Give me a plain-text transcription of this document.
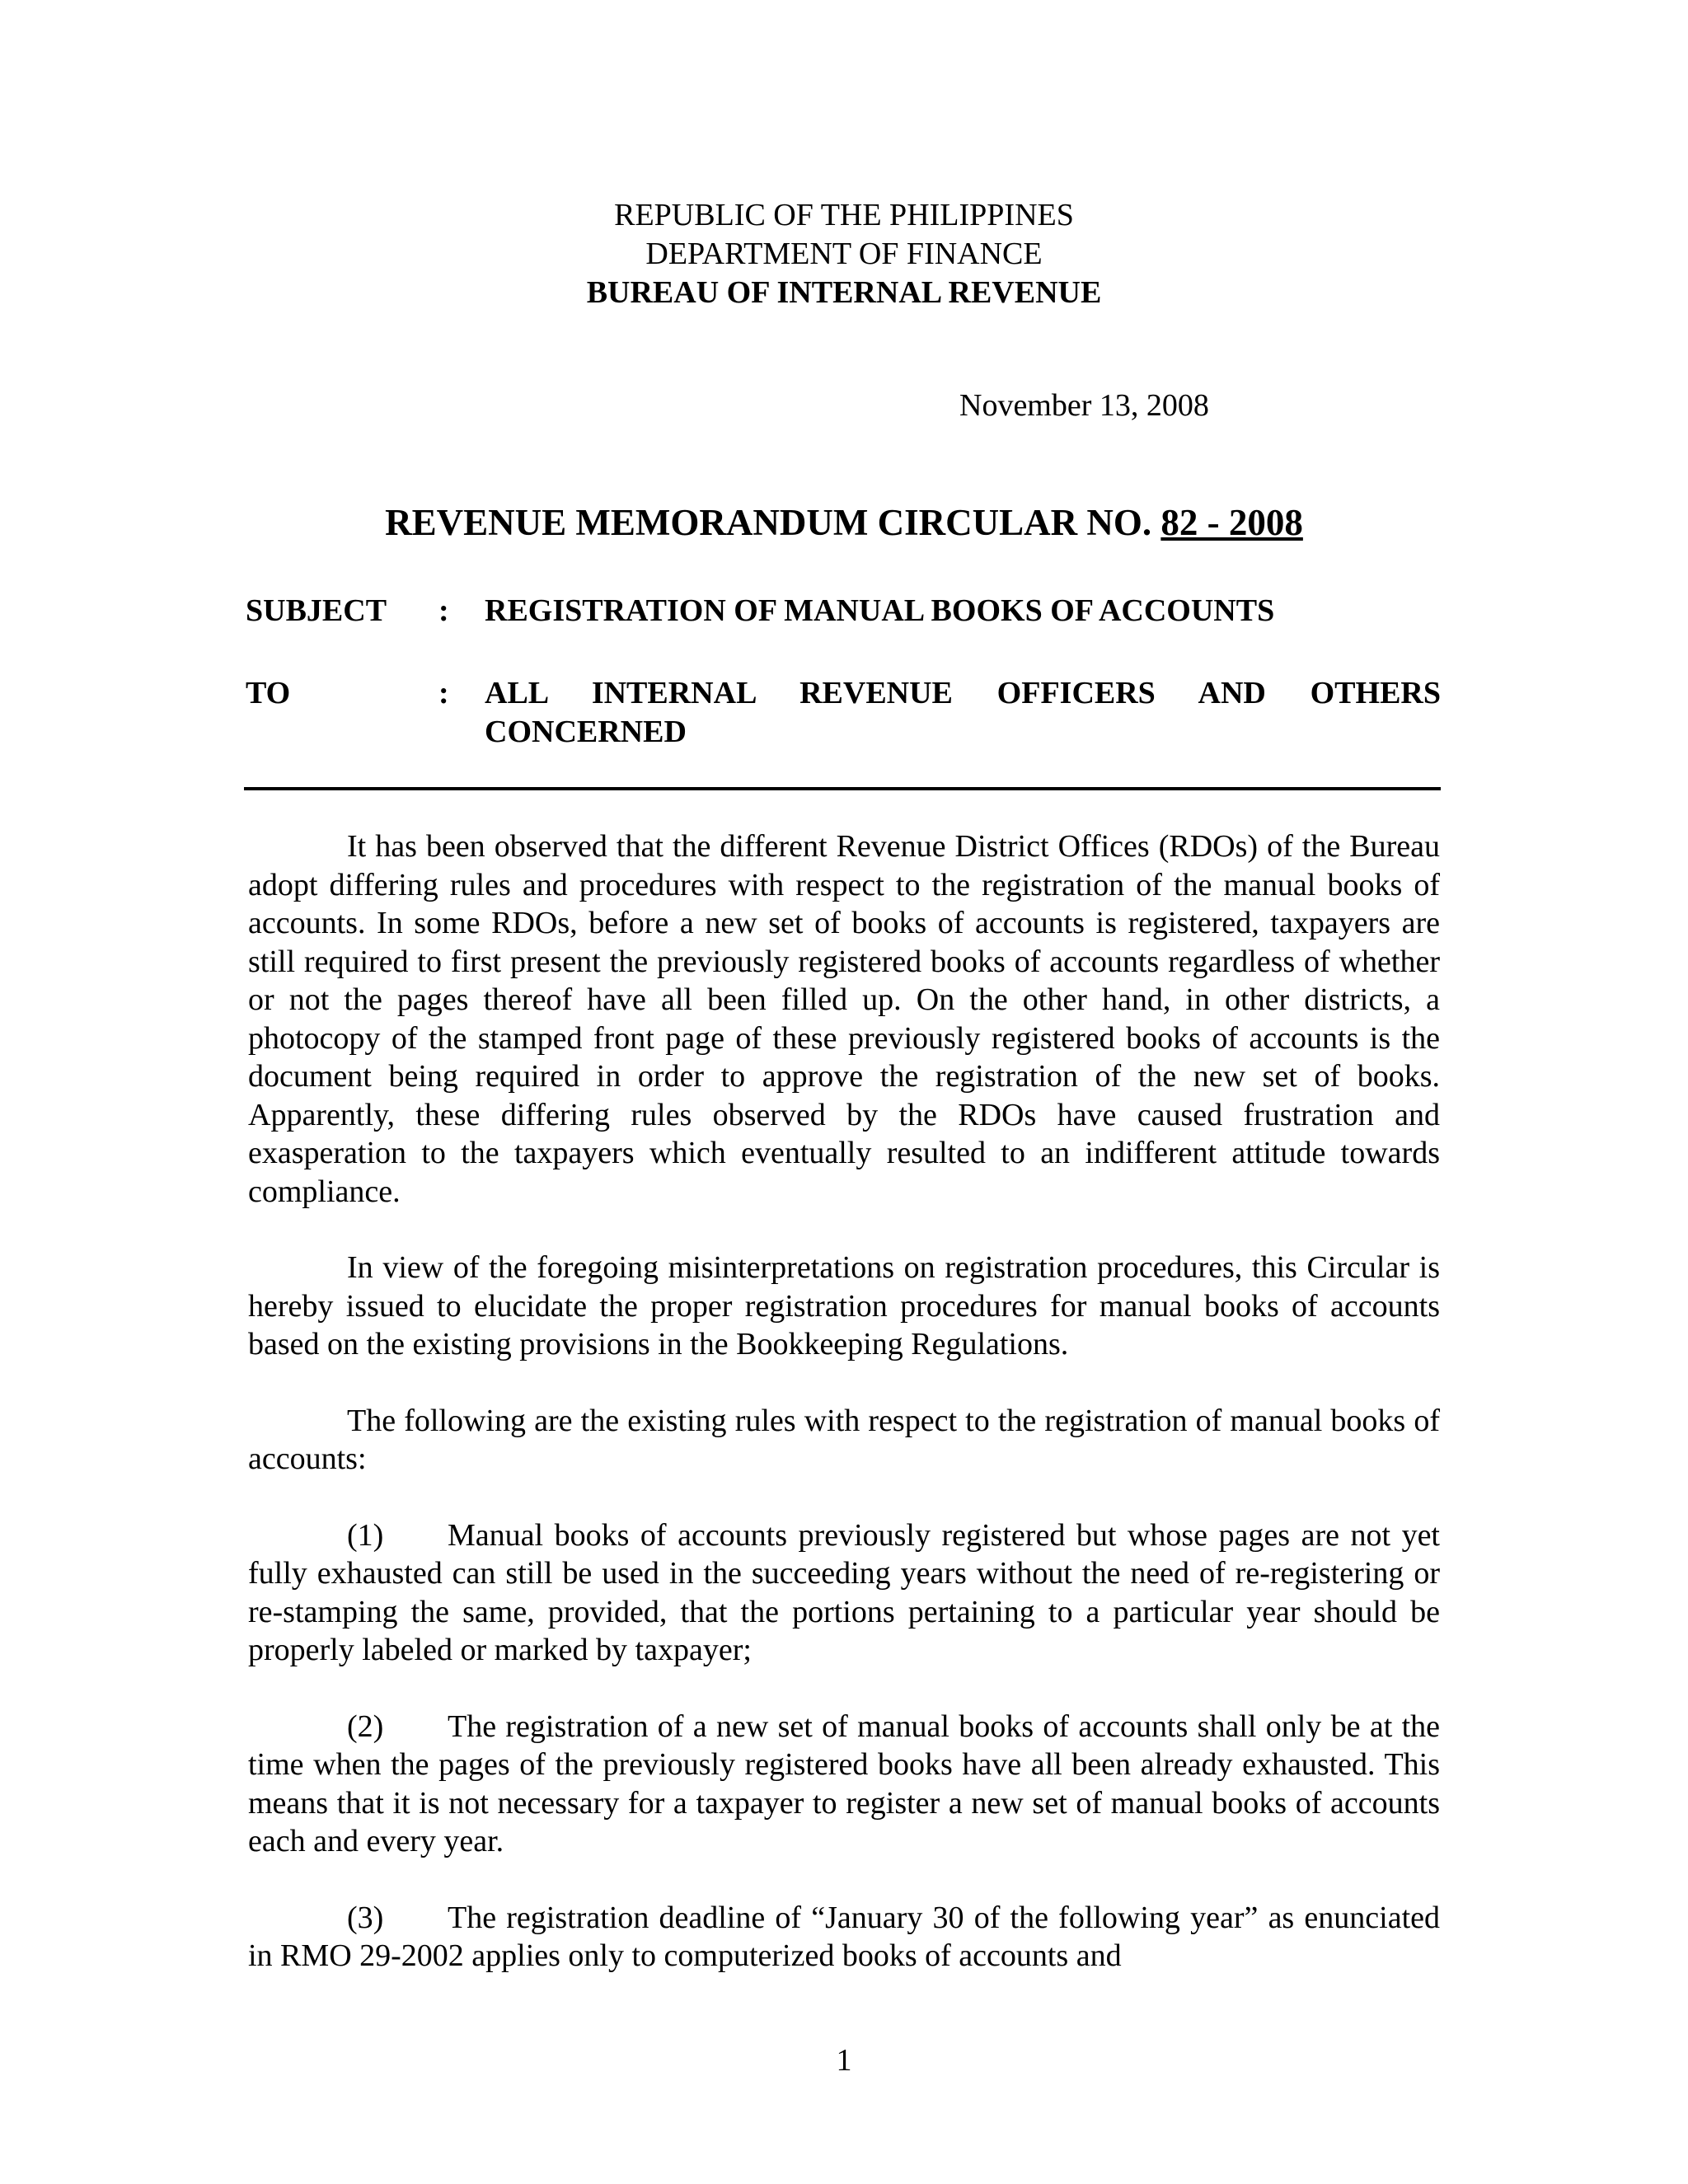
REPUBLIC OF THE PHILIPPINES
DEPARTMENT OF FINANCE
BUREAU OF INTERNAL REVENUE
November 13, 2008
REVENUE MEMORANDUM CIRCULAR NO. 82 - 2008
SUBJECT : REGISTRATION OF MANUAL BOOKS OF ACCOUNTS
TO	: ALL INTERNAL REVENUE OFFICERS AND OTHERS CONCERNED

It has been observed that the different Revenue District Offices (RDOs) of the Bureau adopt differing rules and procedures with respect to the registration of the manual books of accounts. In some RDOs, before a new set of books of accounts is registered, taxpayers are still required to first present the previously registered books of accounts regardless of whether or not the pages thereof have all been filled up. On the other hand, in other districts, a photocopy of the stamped front page of these previously registered books of accounts is the document being required in order to approve the registration of the new set of books. Apparently, these differing rules observed by the RDOs have caused frustration and exasperation to the taxpayers which eventually resulted to an indifferent attitude towards compliance.

In view of the foregoing misinterpretations on registration procedures, this Circular is hereby issued to elucidate the proper registration procedures for manual books of accounts based on the existing provisions in the Bookkeeping Regulations.

The following are the existing rules with respect to the registration of manual books of accounts:

(1) Manual books of accounts previously registered but whose pages are not yet fully exhausted can still be used in the succeeding years without the need of re-registering or re-stamping the same, provided, that the portions pertaining to a particular year should be properly labeled or marked by taxpayer;

(2) The registration of a new set of manual books of accounts shall only be at the time when the pages of the previously registered books have all been already exhausted. This means that it is not necessary for a taxpayer to register a new set of manual books of accounts each and every year.

(3) The registration deadline of “January 30 of the following year” as enunciated in RMO 29-2002 applies only to computerized books of accounts and

1
